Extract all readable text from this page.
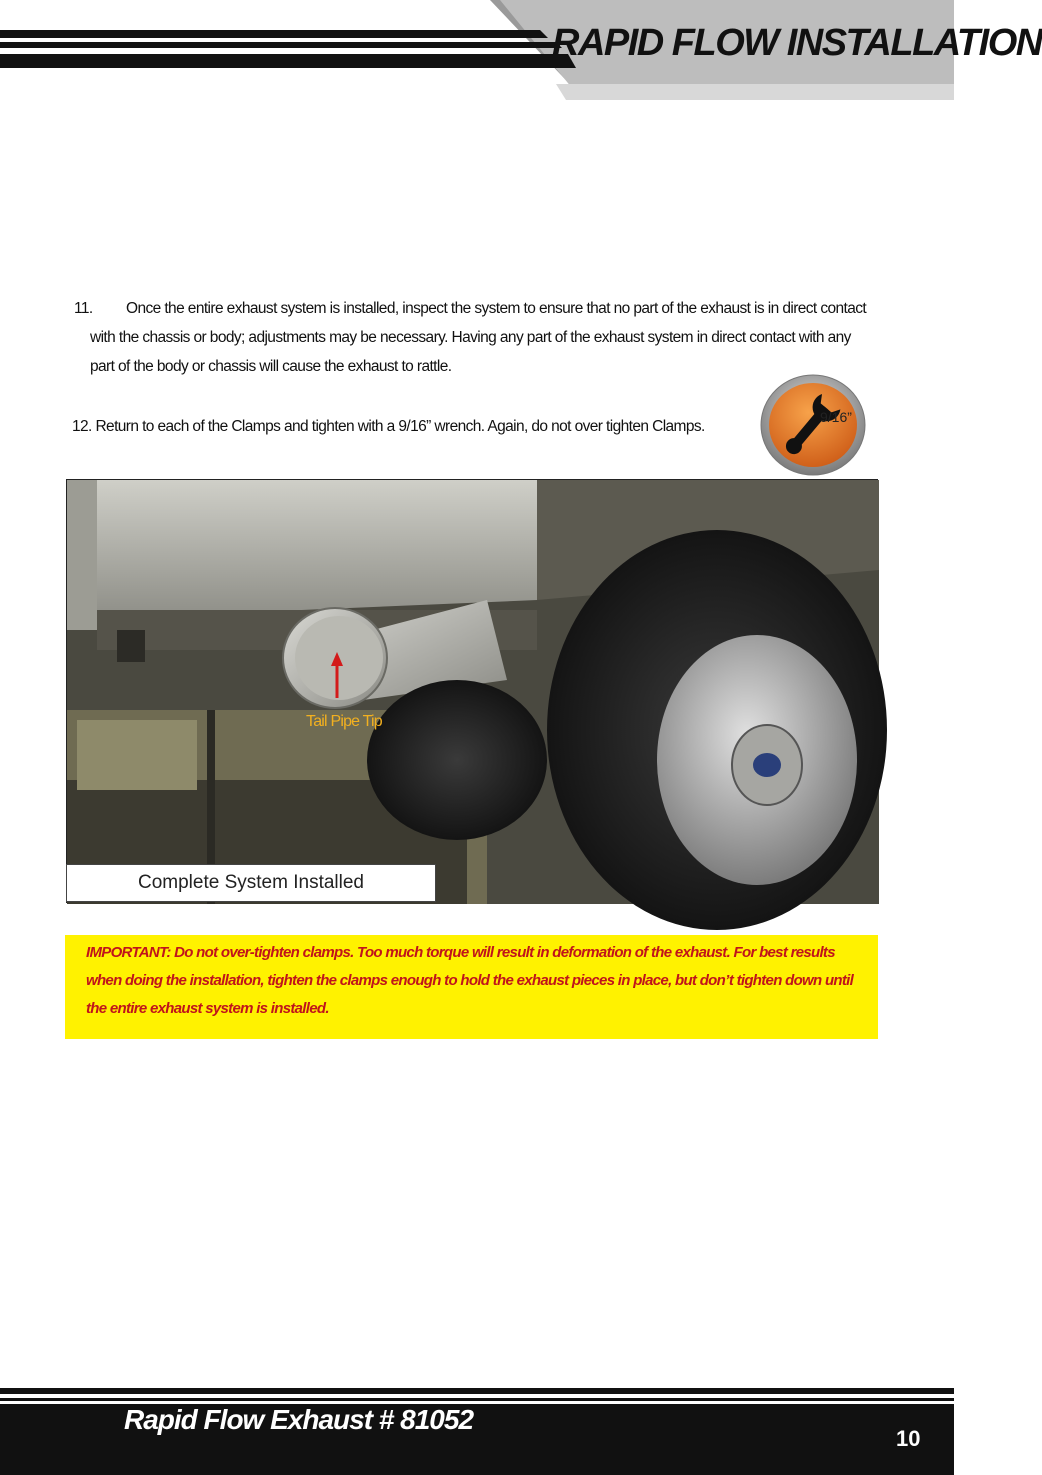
RAPID FLOW INSTALLATION
11. Once the entire exhaust system is installed, inspect the system to ensure that no part of the exhaust is in direct contact
with the chassis or body; adjustments may be necessary. Having any part of the exhaust system in direct contact with any
part of the body or chassis will cause the exhaust to rattle.
12. Return to each of the Clamps and tighten with a 9/16” wrench. Again, do not over tighten Clamps.
9/16”
Tail Pipe Tip
Complete System Installed
IMPORTANT: Do not over-tighten clamps. Too much torque will result in deformation of the exhaust. For best results
when doing the installation, tighten the clamps enough to hold the exhaust pieces in place, but don’t tighten down until
the entire exhaust system is installed.
Rapid Flow Exhaust # 81052
10
